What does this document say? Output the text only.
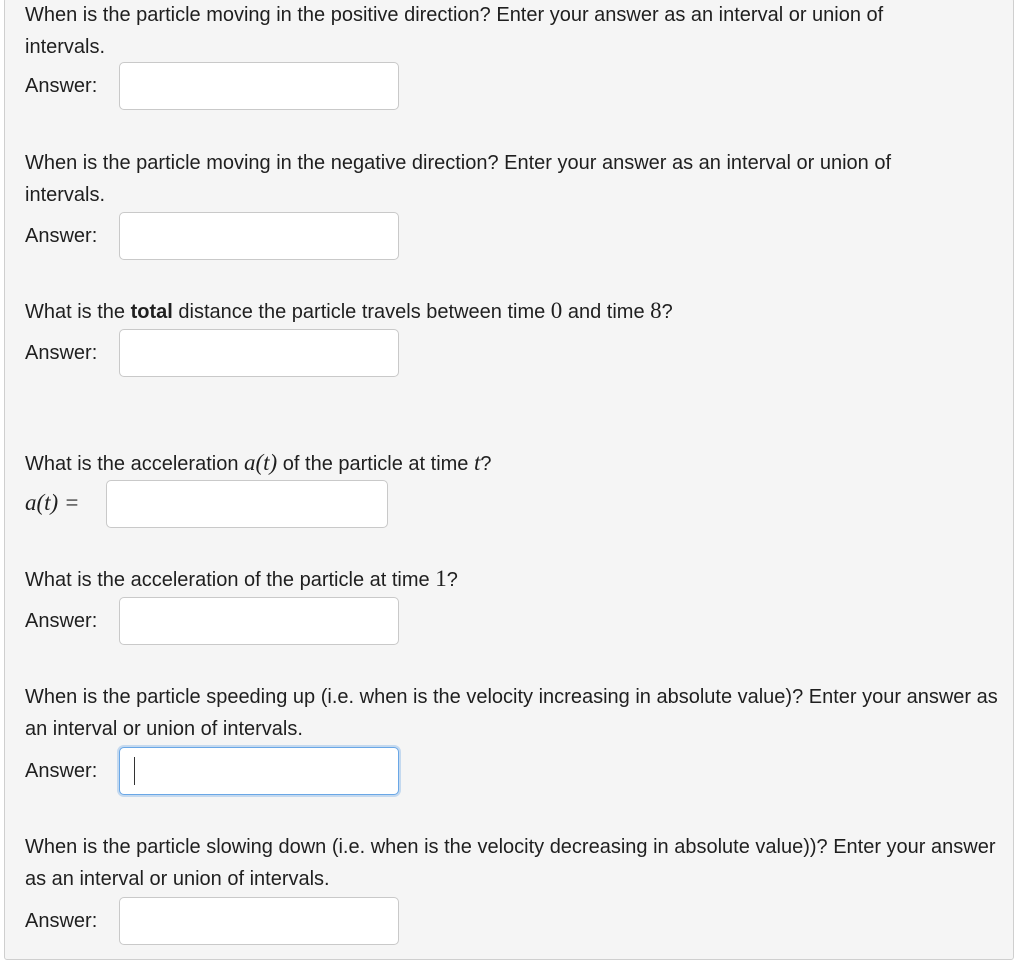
When is the particle moving in the positive direction? Enter your answer as an interval or union of intervals.

Answer:

When is the particle moving in the negative direction? Enter your answer as an interval or union of intervals.

Answer:

What is the total distance the particle travels between time 0 and time 8?

Answer:

What is the acceleration a(t) of the particle at time t?

a(t) =

What is the acceleration of the particle at time 1?

Answer:

When is the particle speeding up (i.e. when is the velocity increasing in absolute value)? Enter your answer as an interval or union of intervals.

Answer:

When is the particle slowing down (i.e. when is the velocity decreasing in absolute value))? Enter your answer as an interval or union of intervals.

Answer:
